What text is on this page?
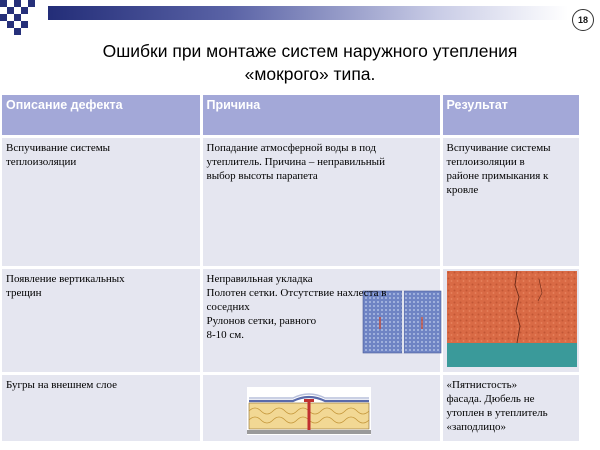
18
Ошибки при монтаже систем наружного утепления
«мокрого» типа.
Описание дефекта	Причина	Результат

Вспучивание системы
теплоизоляции	Попадание атмосферной воды в под
утеплитель. Причина – неправильный
выбор высоты парапета	Вспучивание системы
теплоизоляции в
районе примыкания к
кровле

Появление вертикальных
трещин	Неправильная укладка
Полотен сетки. Отсутствие нахлеста в
соседних
Рулонов сетки, равного
8-10 см.

Бугры на внешнем слое		«Пятнистость»
фасада. Дюбель не
утоплен в утеплитель
«заподлицо»
